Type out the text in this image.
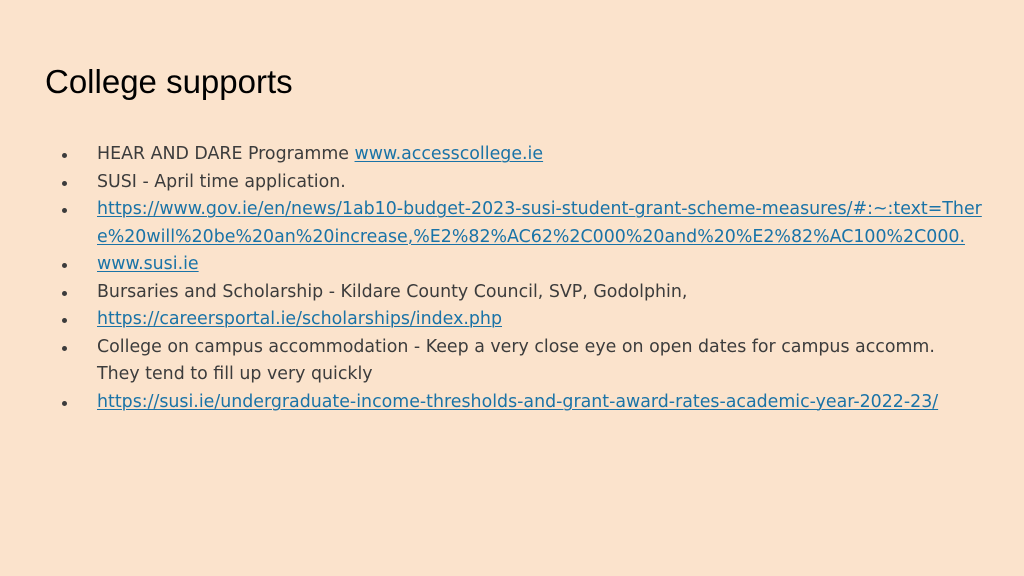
College supports
HEAR AND DARE Programme www.accesscollege.ie
SUSI - April time application.
https://www.gov.ie/en/news/1ab10-budget-2023-susi-student-grant-scheme-measures/#:~:text=There%20will%20be%20an%20increase,%E2%82%AC62%2C000%20and%20%E2%82%AC100%2C000.
www.susi.ie
Bursaries and Scholarship - Kildare County Council, SVP, Godolphin,
https://careersportal.ie/scholarships/index.php
College on campus accommodation - Keep a very close eye on open dates for campus accomm. They tend to fill up very quickly
https://susi.ie/undergraduate-income-thresholds-and-grant-award-rates-academic-year-2022-23/
